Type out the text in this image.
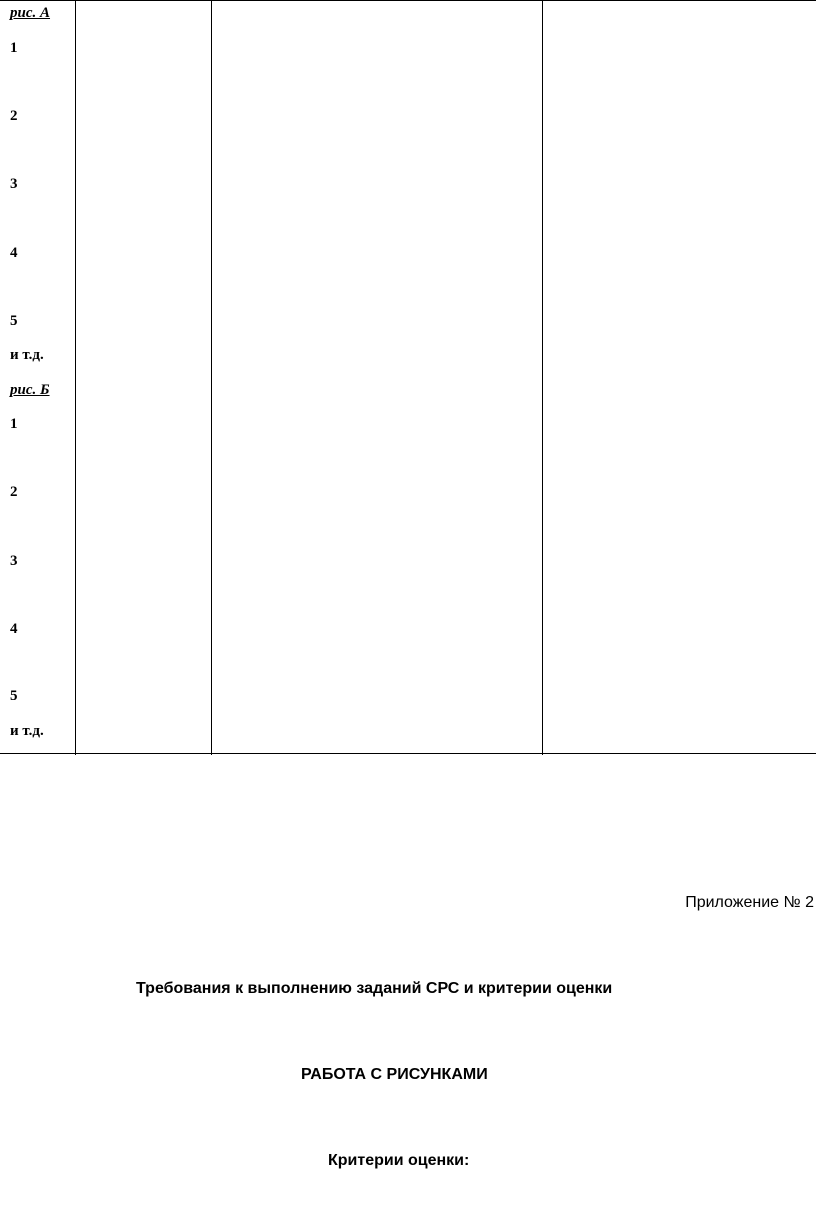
рис. А
1
2
3
4
5
и т.д.
рис. Б
1
2
3
4
5
и т.д.
Приложение № 2
Требования к выполнению заданий СРС и критерии оценки
РАБОТА С РИСУНКАМИ
Критерии оценки:
